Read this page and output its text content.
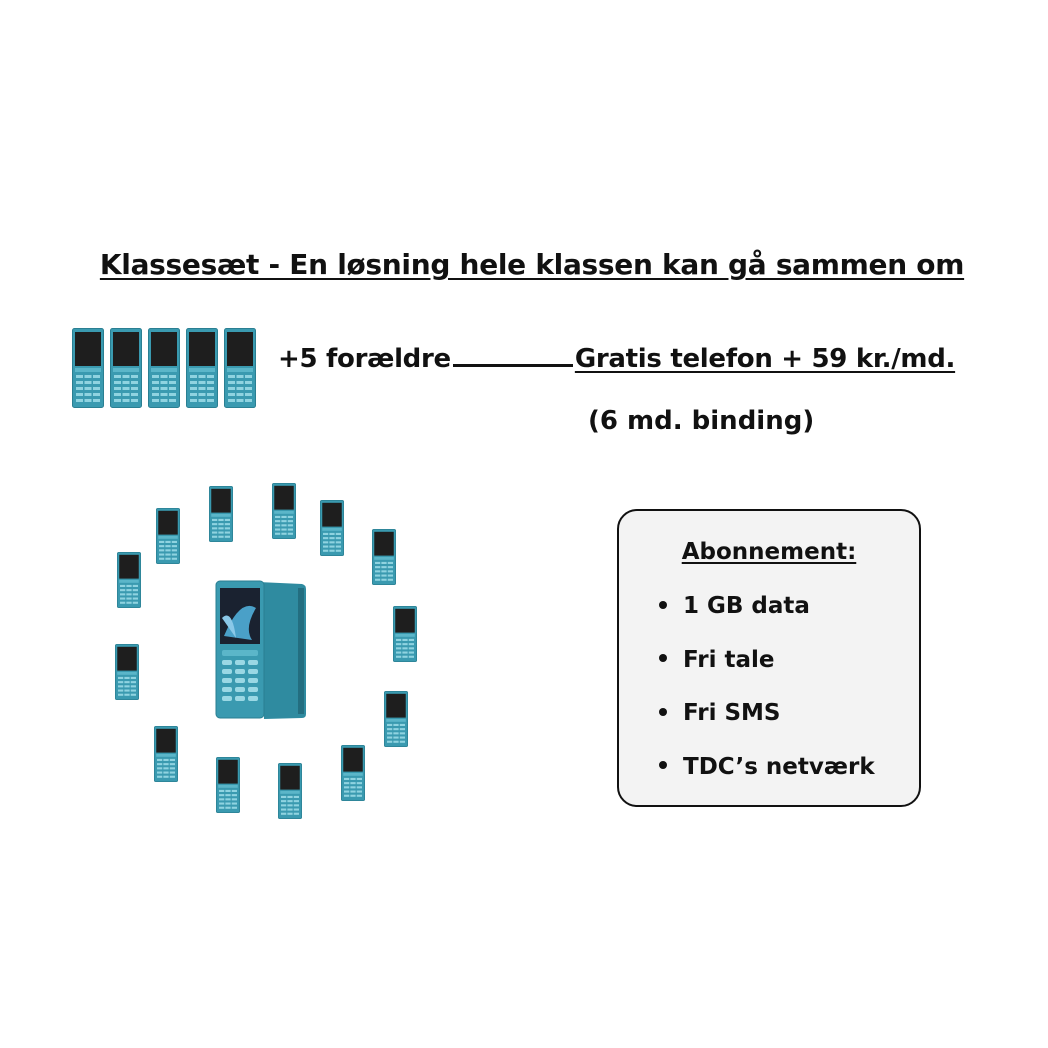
Klassesæt - En løsning hele klassen kan gå sammen om
+5 forældre	Gratis telefon + 59 kr./md.
(6 md. binding)
Abonnement:
1 GB data
Fri tale
Fri SMS
TDC’s netværk
